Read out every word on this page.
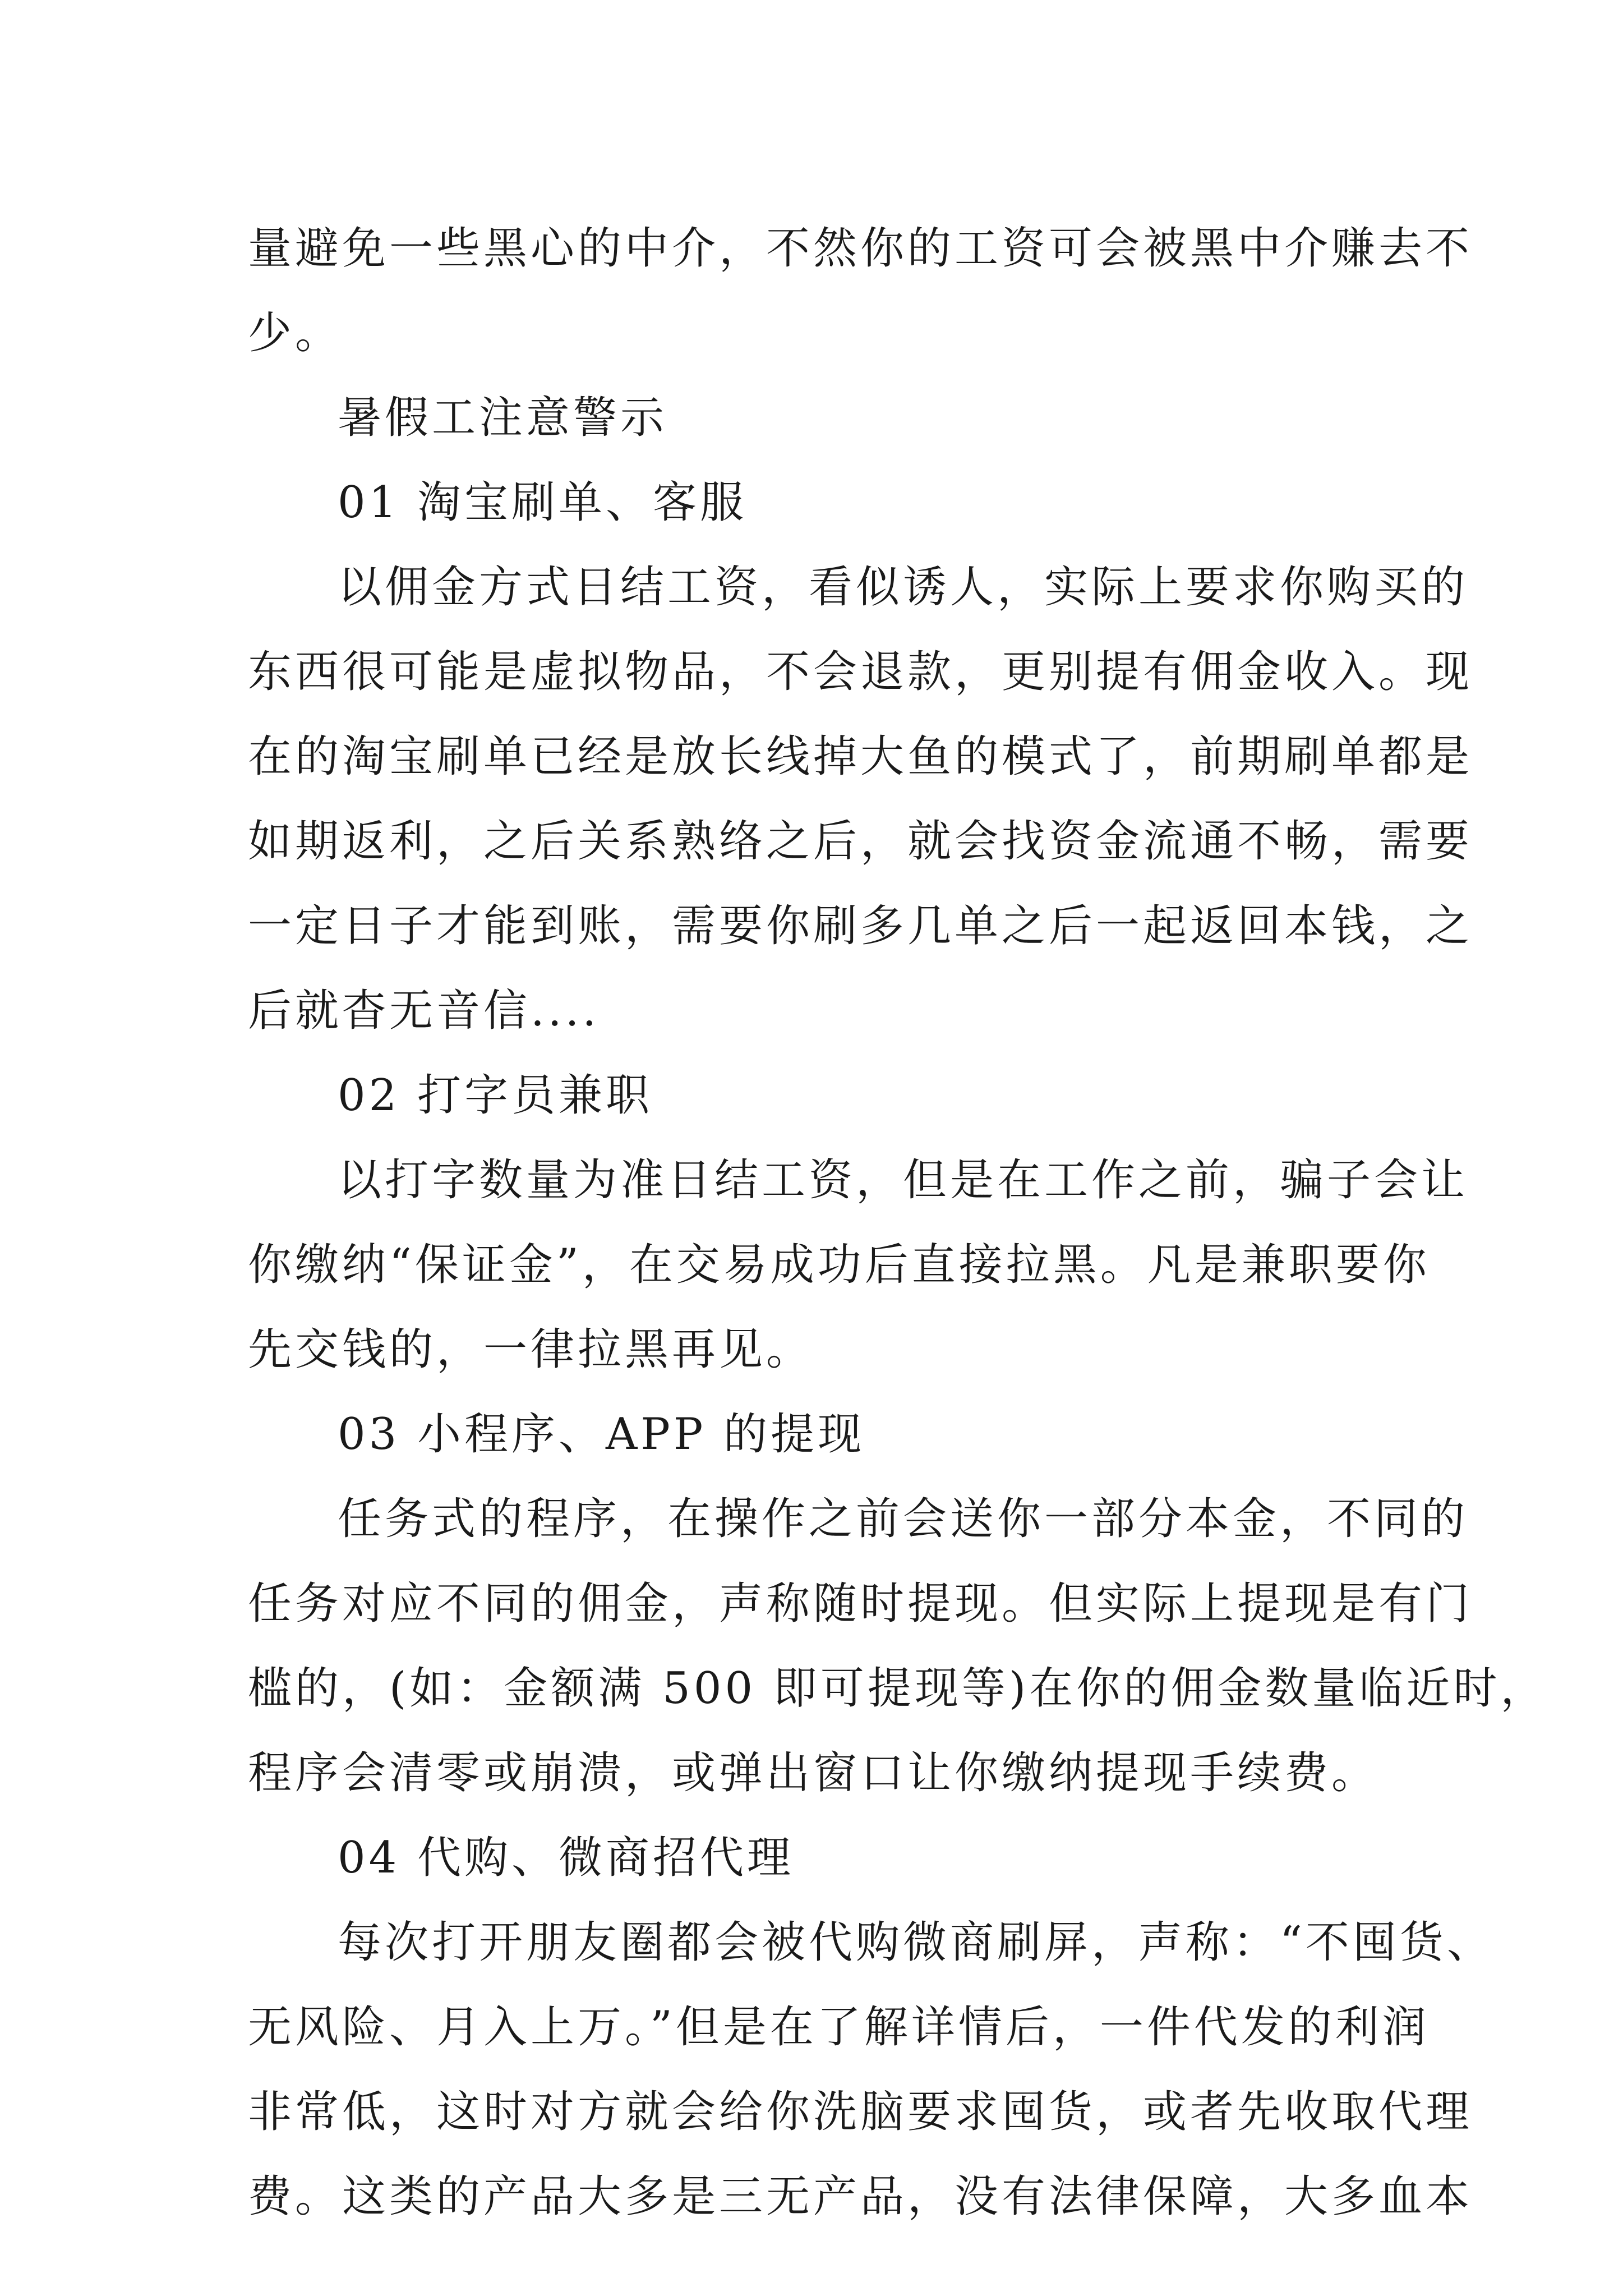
量避免一些黑心的中介，不然你的工资可会被黑中介赚去不
少。
暑假工注意警示
01 淘宝刷单、客服
以佣金方式日结工资，看似诱人，实际上要求你购买的
东西很可能是虚拟物品，不会退款，更别提有佣金收入。现
在的淘宝刷单已经是放长线掉大鱼的模式了，前期刷单都是
如期返利，之后关系熟络之后，就会找资金流通不畅，需要
一定日子才能到账，需要你刷多几单之后一起返回本钱，之
后就杳无音信....
02 打字员兼职
以打字数量为准日结工资，但是在工作之前，骗子会让
你缴纳“保证金”，在交易成功后直接拉黑。凡是兼职要你
先交钱的，一律拉黑再见。
03 小程序、APP 的提现
任务式的程序，在操作之前会送你一部分本金，不同的
任务对应不同的佣金，声称随时提现。但实际上提现是有门
槛的，(如：金额满 500 即可提现等)在你的佣金数量临近时，
程序会清零或崩溃，或弹出窗口让你缴纳提现手续费。
04 代购、微商招代理
每次打开朋友圈都会被代购微商刷屏，声称：“不囤货、
无风险、月入上万。”但是在了解详情后，一件代发的利润
非常低，这时对方就会给你洗脑要求囤货，或者先收取代理
费。这类的产品大多是三无产品，没有法律保障，大多血本
